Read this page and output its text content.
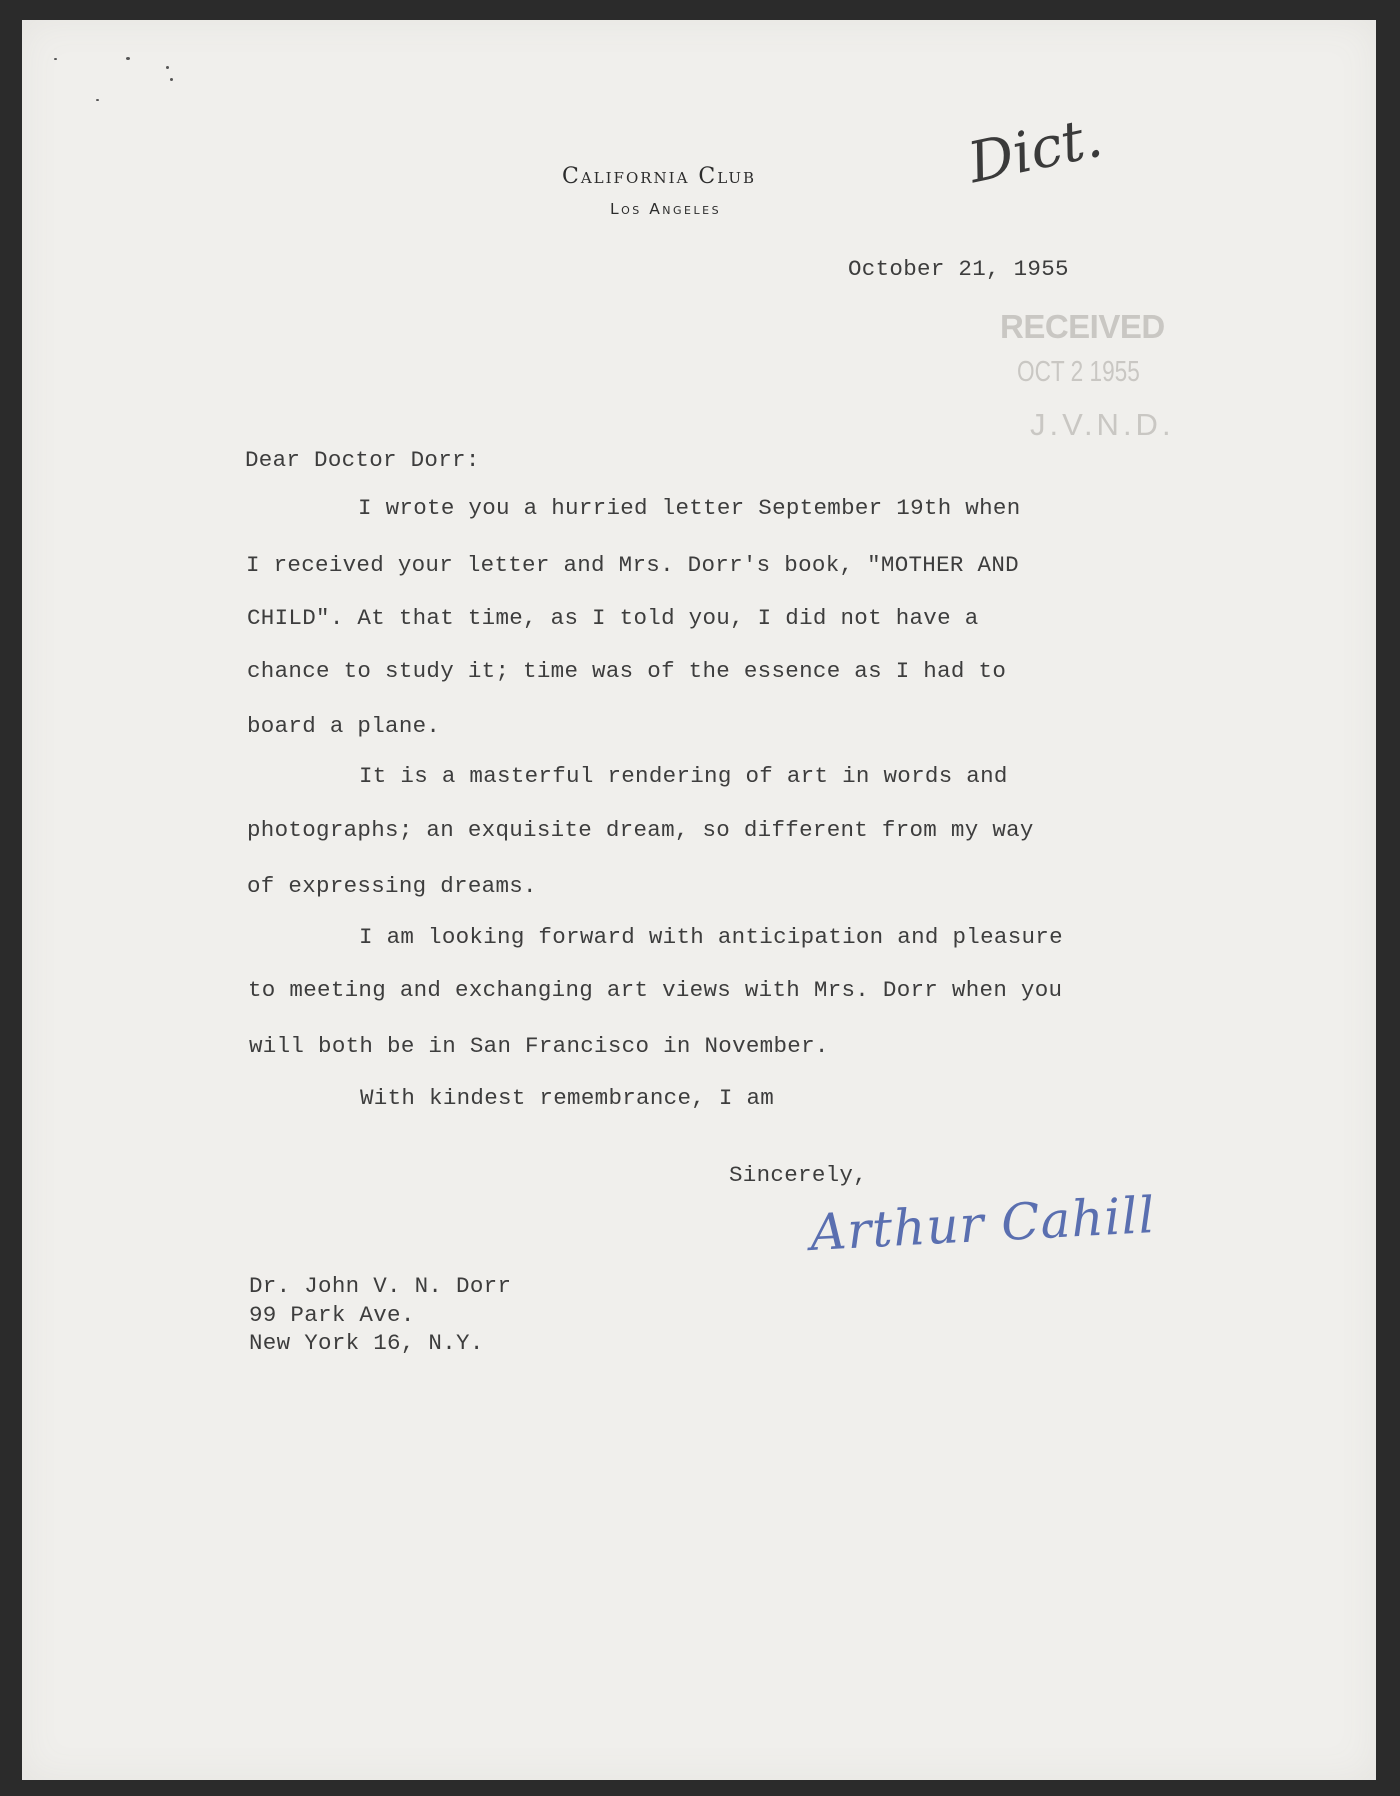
California Club
Los Angeles
Dict.
October 21, 1955
RECEIVED
OCT 2 1955
J.V.N.D.
Dear Doctor Dorr:
I wrote you a hurried letter September 19th when
I received your letter and Mrs. Dorr's book, "MOTHER AND
CHILD". At that time, as I told you, I did not have a
chance to study it; time was of the essence as I had to
board a plane.
It is a masterful rendering of art in words and
photographs; an exquisite dream, so different from my way
of expressing dreams.
I am looking forward with anticipation and pleasure
to meeting and exchanging art views with Mrs. Dorr when you
will both be in San Francisco in November.
With kindest remembrance, I am
Sincerely,
Arthur Cahill
Dr. John V. N. Dorr
99 Park Ave.
New York 16, N.Y.
